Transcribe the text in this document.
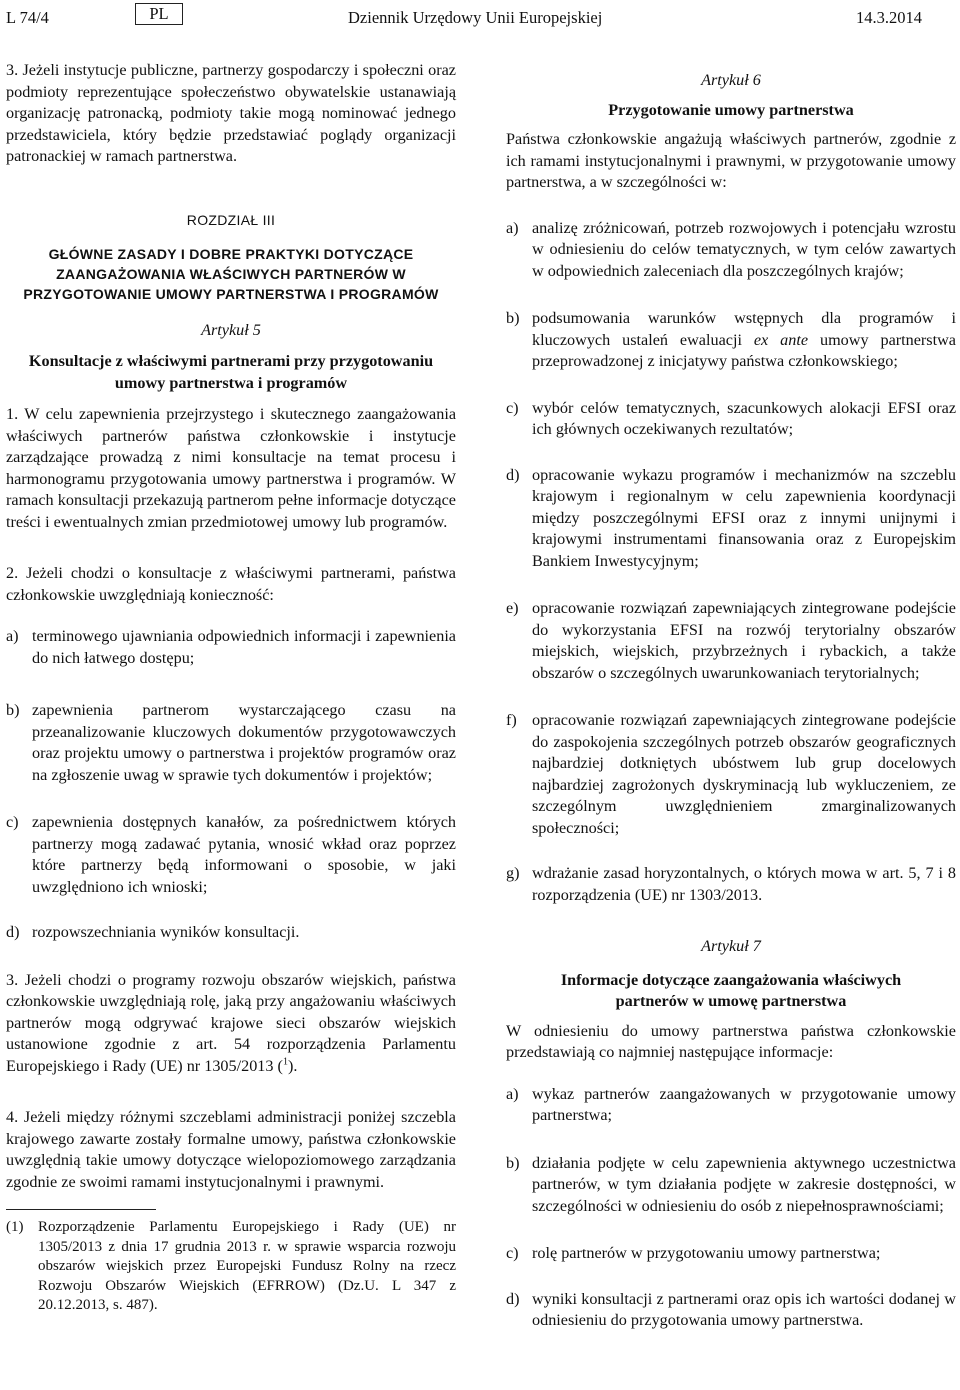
L 74/4	PL	Dziennik Urzędowy Unii Europejskiej	14.3.2014

3. Jeżeli instytucje publiczne, partnerzy gospodarczy i społeczni oraz podmioty reprezentujące społeczeństwo obywatelskie ustanawiają organizację patronacką, podmioty takie mogą nominować jednego przedstawiciela, który będzie przedstawiać poglądy organizacji patronackiej w ramach partnerstwa.

ROZDZIAŁ III

GŁÓWNE ZASADY I DOBRE PRAKTYKI DOTYCZĄCE ZAANGAŻOWANIA WŁAŚCIWYCH PARTNERÓW W PRZYGOTOWANIE UMOWY PARTNERSTWA I PROGRAMÓW

Artykuł 5

Konsultacje z właściwymi partnerami przy przygotowaniu umowy partnerstwa i programów

1. W celu zapewnienia przejrzystego i skutecznego zaangażowania właściwych partnerów państwa członkowskie i instytucje zarządzające prowadzą z nimi konsultacje na temat procesu i harmonogramu przygotowania umowy partnerstwa i programów. W ramach konsultacji przekazują partnerom pełne informacje dotyczące treści i ewentualnych zmian przedmiotowej umowy lub programów.

2. Jeżeli chodzi o konsultacje z właściwymi partnerami, państwa członkowskie uwzględniają konieczność:

a) terminowego ujawniania odpowiednich informacji i zapewnienia do nich łatwego dostępu;
b) zapewnienia partnerom wystarczającego czasu na przeanalizowanie kluczowych dokumentów przygotowawczych oraz projektu umowy o partnerstwa i projektów programów oraz na zgłoszenie uwag w sprawie tych dokumentów i projektów;
c) zapewnienia dostępnych kanałów, za pośrednictwem których partnerzy mogą zadawać pytania, wnosić wkład oraz poprzez które partnerzy będą informowani o sposobie, w jaki uwzględniono ich wnioski;
d) rozpowszechniania wyników konsultacji.

3. Jeżeli chodzi o programy rozwoju obszarów wiejskich, państwa członkowskie uwzględniają rolę, jaką przy angażowaniu właściwych partnerów mogą odgrywać krajowe sieci obszarów wiejskich ustanowione zgodnie z art. 54 rozporządzenia Parlamentu Europejskiego i Rady (UE) nr 1305/2013 ($^1$).

4. Jeżeli między różnymi szczeblami administracji poniżej szczebla krajowego zawarte zostały formalne umowy, państwa członkowskie uwzględnią takie umowy dotyczące wielopoziomowego zarządzania zgodnie ze swoimi ramami instytucjonalnymi i prawnymi.

(1) Rozporządzenie Parlamentu Europejskiego i Rady (UE) nr 1305/2013 z dnia 17 grudnia 2013 r. w sprawie wsparcia rozwoju obszarów wiejskich przez Europejski Fundusz Rolny na rzecz Rozwoju Obszarów Wiejskich (EFRROW) (Dz.U. L 347 z 20.12.2013, s. 487).

Artykuł 6

Przygotowanie umowy partnerstwa

Państwa członkowskie angażują właściwych partnerów, zgodnie z ich ramami instytucjonalnymi i prawnymi, w przygotowanie umowy partnerstwa, a w szczególności w:

a) analizę zróżnicowań, potrzeb rozwojowych i potencjału wzrostu w odniesieniu do celów tematycznych, w tym celów zawartych w odpowiednich zaleceniach dla poszczególnych krajów;
b) podsumowania warunków wstępnych dla programów i kluczowych ustaleń ewaluacji ex ante umowy partnerstwa przeprowadzonej z inicjatywy państwa członkowskiego;
c) wybór celów tematycznych, szacunkowych alokacji EFSI oraz ich głównych oczekiwanych rezultatów;
d) opracowanie wykazu programów i mechanizmów na szczeblu krajowym i regionalnym w celu zapewnienia koordynacji między poszczególnymi EFSI oraz z innymi unijnymi i krajowymi instrumentami finansowania oraz z Europejskim Bankiem Inwestycyjnym;
e) opracowanie rozwiązań zapewniających zintegrowane podejście do wykorzystania EFSI na rozwój terytorialny obszarów miejskich, wiejskich, przybrzeżnych i rybackich, a także obszarów o szczególnych uwarunkowaniach terytorialnych;
f) opracowanie rozwiązań zapewniających zintegrowane podejście do zaspokojenia szczególnych potrzeb obszarów geograficznych najbardziej dotkniętych ubóstwem lub grup docelowych najbardziej zagrożonych dyskryminacją lub wykluczeniem, ze szczególnym uwzględnieniem zmarginalizowanych społeczności;
g) wdrażanie zasad horyzontalnych, o których mowa w art. 5, 7 i 8 rozporządzenia (UE) nr 1303/2013.

Artykuł 7

Informacje dotyczące zaangażowania właściwych partnerów w umowę partnerstwa

W odniesieniu do umowy partnerstwa państwa członkowskie przedstawiają co najmniej następujące informacje:

a) wykaz partnerów zaangażowanych w przygotowanie umowy partnerstwa;
b) działania podjęte w celu zapewnienia aktywnego uczestnictwa partnerów, w tym działania podjęte w zakresie dostępności, w szczególności w odniesieniu do osób z niepełnosprawnościami;
c) rolę partnerów w przygotowaniu umowy partnerstwa;
d) wyniki konsultacji z partnerami oraz opis ich wartości dodanej w odniesieniu do przygotowania umowy partnerstwa.
